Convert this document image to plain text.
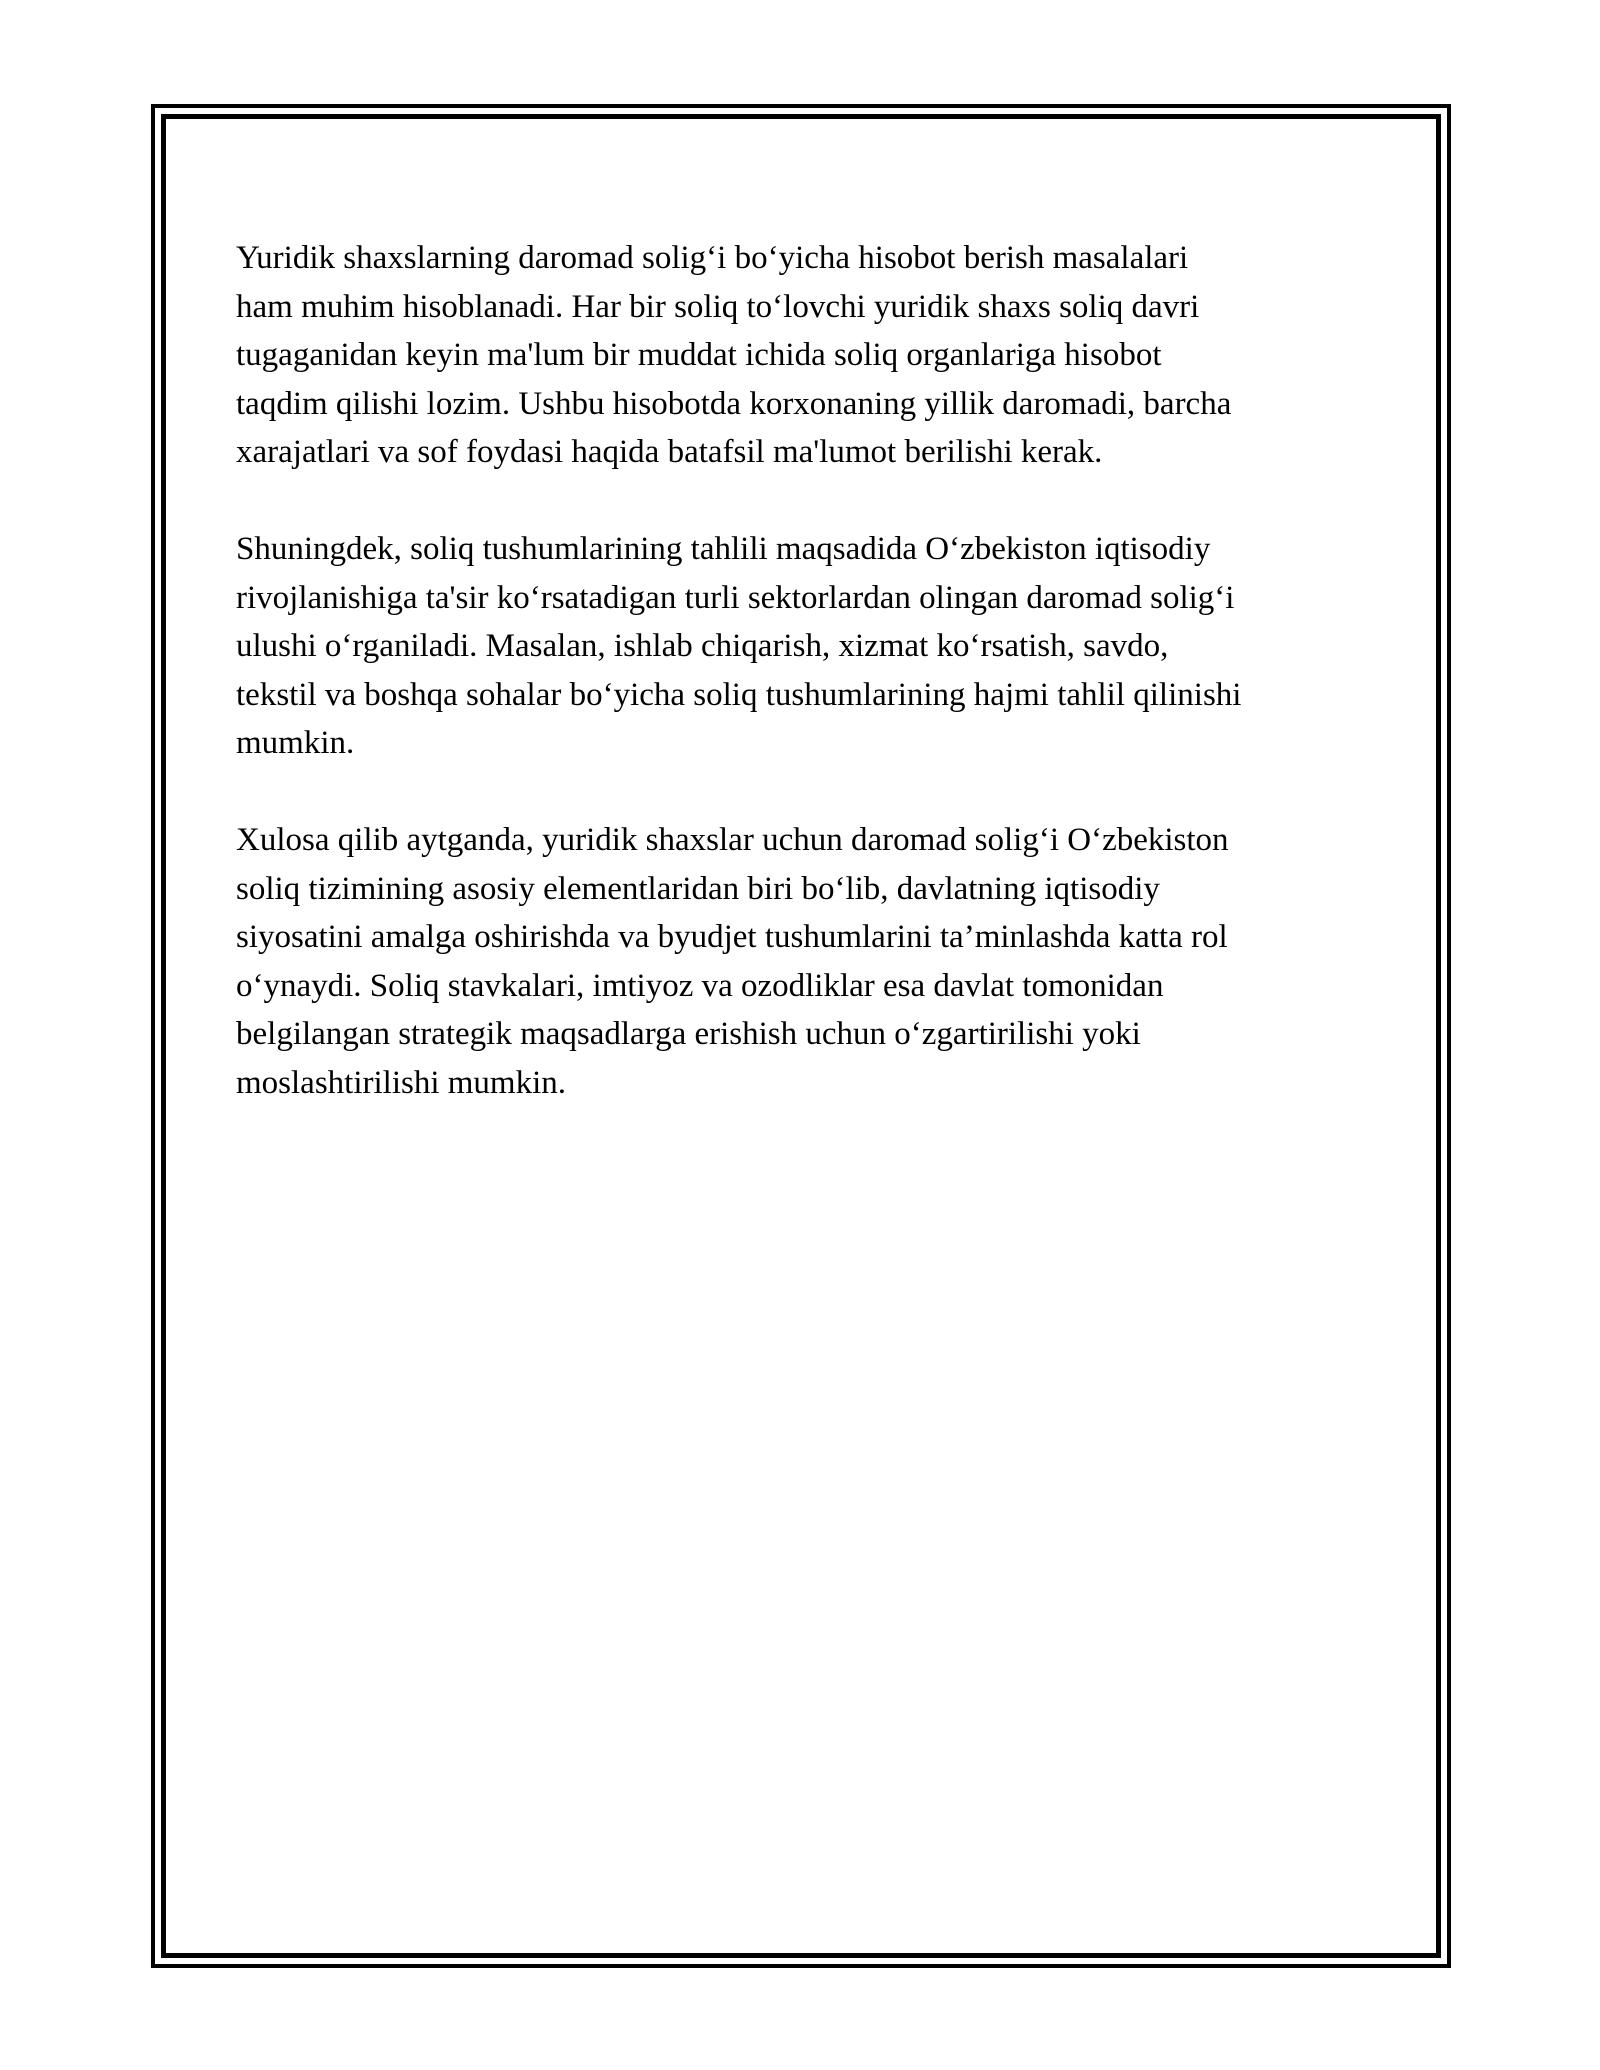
Yuridik shaxslarning daromad solig‘i bo‘yicha hisobot berish masalalari
ham muhim hisoblanadi. Har bir soliq to‘lovchi yuridik shaxs soliq davri
tugaganidan keyin ma'lum bir muddat ichida soliq organlariga hisobot
taqdim qilishi lozim. Ushbu hisobotda korxonaning yillik daromadi, barcha
xarajatlari va sof foydasi haqida batafsil ma'lumot berilishi kerak.

Shuningdek, soliq tushumlarining tahlili maqsadida O‘zbekiston iqtisodiy
rivojlanishiga ta'sir ko‘rsatadigan turli sektorlardan olingan daromad solig‘i
ulushi o‘rganiladi. Masalan, ishlab chiqarish, xizmat ko‘rsatish, savdo,
tekstil va boshqa sohalar bo‘yicha soliq tushumlarining hajmi tahlil qilinishi
mumkin.

Xulosa qilib aytganda, yuridik shaxslar uchun daromad solig‘i O‘zbekiston
soliq tizimining asosiy elementlaridan biri bo‘lib, davlatning iqtisodiy
siyosatini amalga oshirishda va byudjet tushumlarini ta’minlashda katta rol
o‘ynaydi. Soliq stavkalari, imtiyoz va ozodliklar esa davlat tomonidan
belgilangan strategik maqsadlarga erishish uchun o‘zgartirilishi yoki
moslashtirilishi mumkin.
